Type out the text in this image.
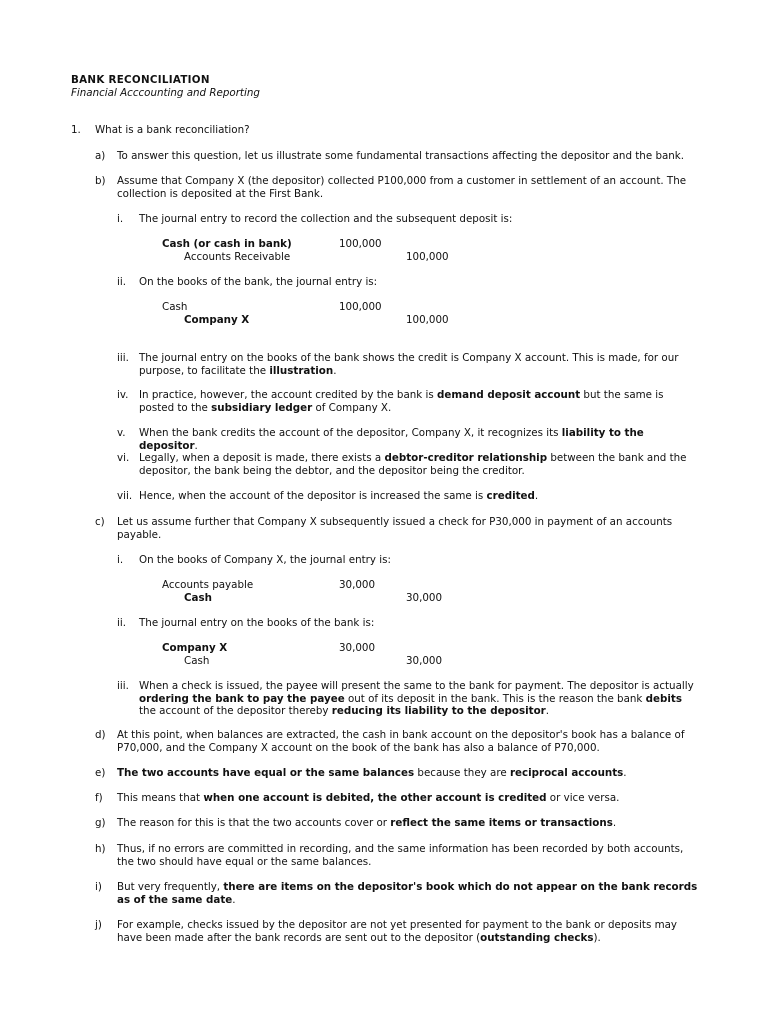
BANK RECONCILIATION
Financial Acccounting and Reporting
1. What is a bank reconciliation?
a) To answer this question, let us illustrate some fundamental transactions affecting the depositor and the bank.
b) Assume that Company X (the depositor) collected P100,000 from a customer in settlement of an account. The collection is deposited at the First Bank.
i. The journal entry to record the collection and the subsequent deposit is:
Cash (or cash in bank)	100,000
Accounts Receivable	100,000
ii. On the books of the bank, the journal entry is:
Cash	100,000
Company X	100,000
iii. The journal entry on the books of the bank shows the credit is Company X account. This is made, for our purpose, to facilitate the illustration.
iv. In practice, however, the account credited by the bank is demand deposit account but the same is posted to the subsidiary ledger of Company X.
v. When the bank credits the account of the depositor, Company X, it recognizes its liability to the depositor.
vi. Legally, when a deposit is made, there exists a debtor-creditor relationship between the bank and the depositor, the bank being the debtor, and the depositor being the creditor.
vii. Hence, when the account of the depositor is increased the same is credited.
c) Let us assume further that Company X subsequently issued a check for P30,000 in payment of an accounts payable.
i. On the books of Company X, the journal entry is:
Accounts payable	30,000
Cash	30,000
ii. The journal entry on the books of the bank is:
Company X	30,000
Cash	30,000
iii. When a check is issued, the payee will present the same to the bank for payment. The depositor is actually ordering the bank to pay the payee out of its deposit in the bank. This is the reason the bank debits the account of the depositor thereby reducing its liability to the depositor.
d) At this point, when balances are extracted, the cash in bank account on the depositor's book has a balance of P70,000, and the Company X account on the book of the bank has also a balance of P70,000.
e) The two accounts have equal or the same balances because they are reciprocal accounts.
f) This means that when one account is debited, the other account is credited or vice versa.
g) The reason for this is that the two accounts cover or reflect the same items or transactions.
h) Thus, if no errors are committed in recording, and the same information has been recorded by both accounts, the two should have equal or the same balances.
i) But very frequently, there are items on the depositor's book which do not appear on the bank records as of the same date.
j) For example, checks issued by the depositor are not yet presented for payment to the bank or deposits may have been made after the bank records are sent out to the depositor (outstanding checks).
